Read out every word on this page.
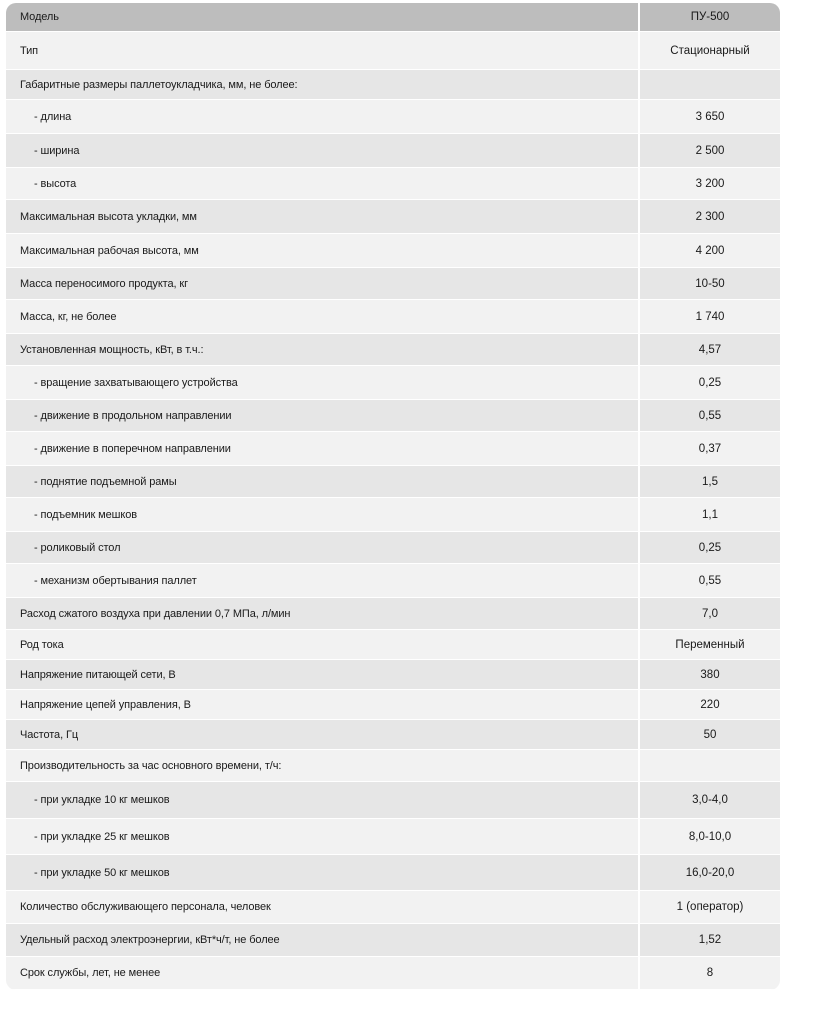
Модель	ПУ-500
Тип	Стационарный
Габаритные размеры паллетоукладчика, мм, не более:
- длина	3 650
- ширина	2 500
- высота	3 200
Максимальная высота укладки, мм	2 300
Максимальная рабочая высота, мм	4 200
Масса переносимого продукта, кг	10-50
Масса, кг, не более	1 740
Установленная мощность, кВт, в т.ч.:	4,57
- вращение захватывающего устройства	0,25
- движение в продольном направлении	0,55
- движение в поперечном направлении	0,37
- поднятие подъемной рамы	1,5
- подъемник мешков	1,1
- роликовый стол	0,25
- механизм обертывания паллет	0,55
Расход сжатого воздуха при давлении 0,7 МПа, л/мин	7,0
Род тока	Переменный
Напряжение питающей сети, В	380
Напряжение цепей управления, В	220
Частота, Гц	50
Производительность за час основного времени, т/ч:
- при укладке 10 кг мешков	3,0-4,0
- при укладке 25 кг мешков	8,0-10,0
- при укладке 50 кг мешков	16,0-20,0
Количество обслуживающего персонала, человек	1 (оператор)
Удельный расход электроэнергии, кВт*ч/т, не более	1,52
Срок службы, лет, не менее	8
